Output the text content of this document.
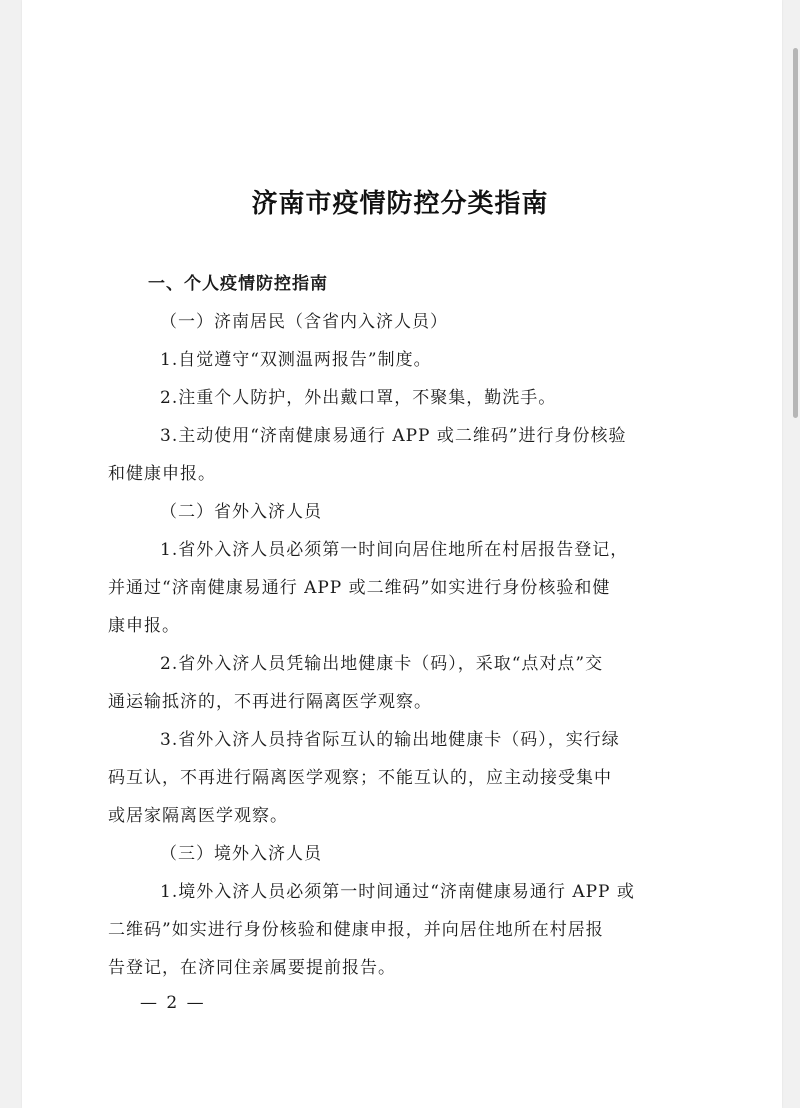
济南市疫情防控分类指南
一、个人疫情防控指南
（一）济南居民（含省内入济人员）
1.自觉遵守“双测温两报告”制度。
2.注重个人防护，外出戴口罩，不聚集，勤洗手。
3.主动使用“济南健康易通行 APP 或二维码”进行身份核验
和健康申报。
（二）省外入济人员
1.省外入济人员必须第一时间向居住地所在村居报告登记，
并通过“济南健康易通行 APP 或二维码”如实进行身份核验和健
康申报。
2.省外入济人员凭输出地健康卡（码），采取“点对点”交
通运输抵济的，不再进行隔离医学观察。
3.省外入济人员持省际互认的输出地健康卡（码），实行绿
码互认，不再进行隔离医学观察；不能互认的，应主动接受集中
或居家隔离医学观察。
（三）境外入济人员
1.境外入济人员必须第一时间通过“济南健康易通行 APP 或
二维码”如实进行身份核验和健康申报，并向居住地所在村居报
告登记，在济同住亲属要提前报告。
— 2 —
